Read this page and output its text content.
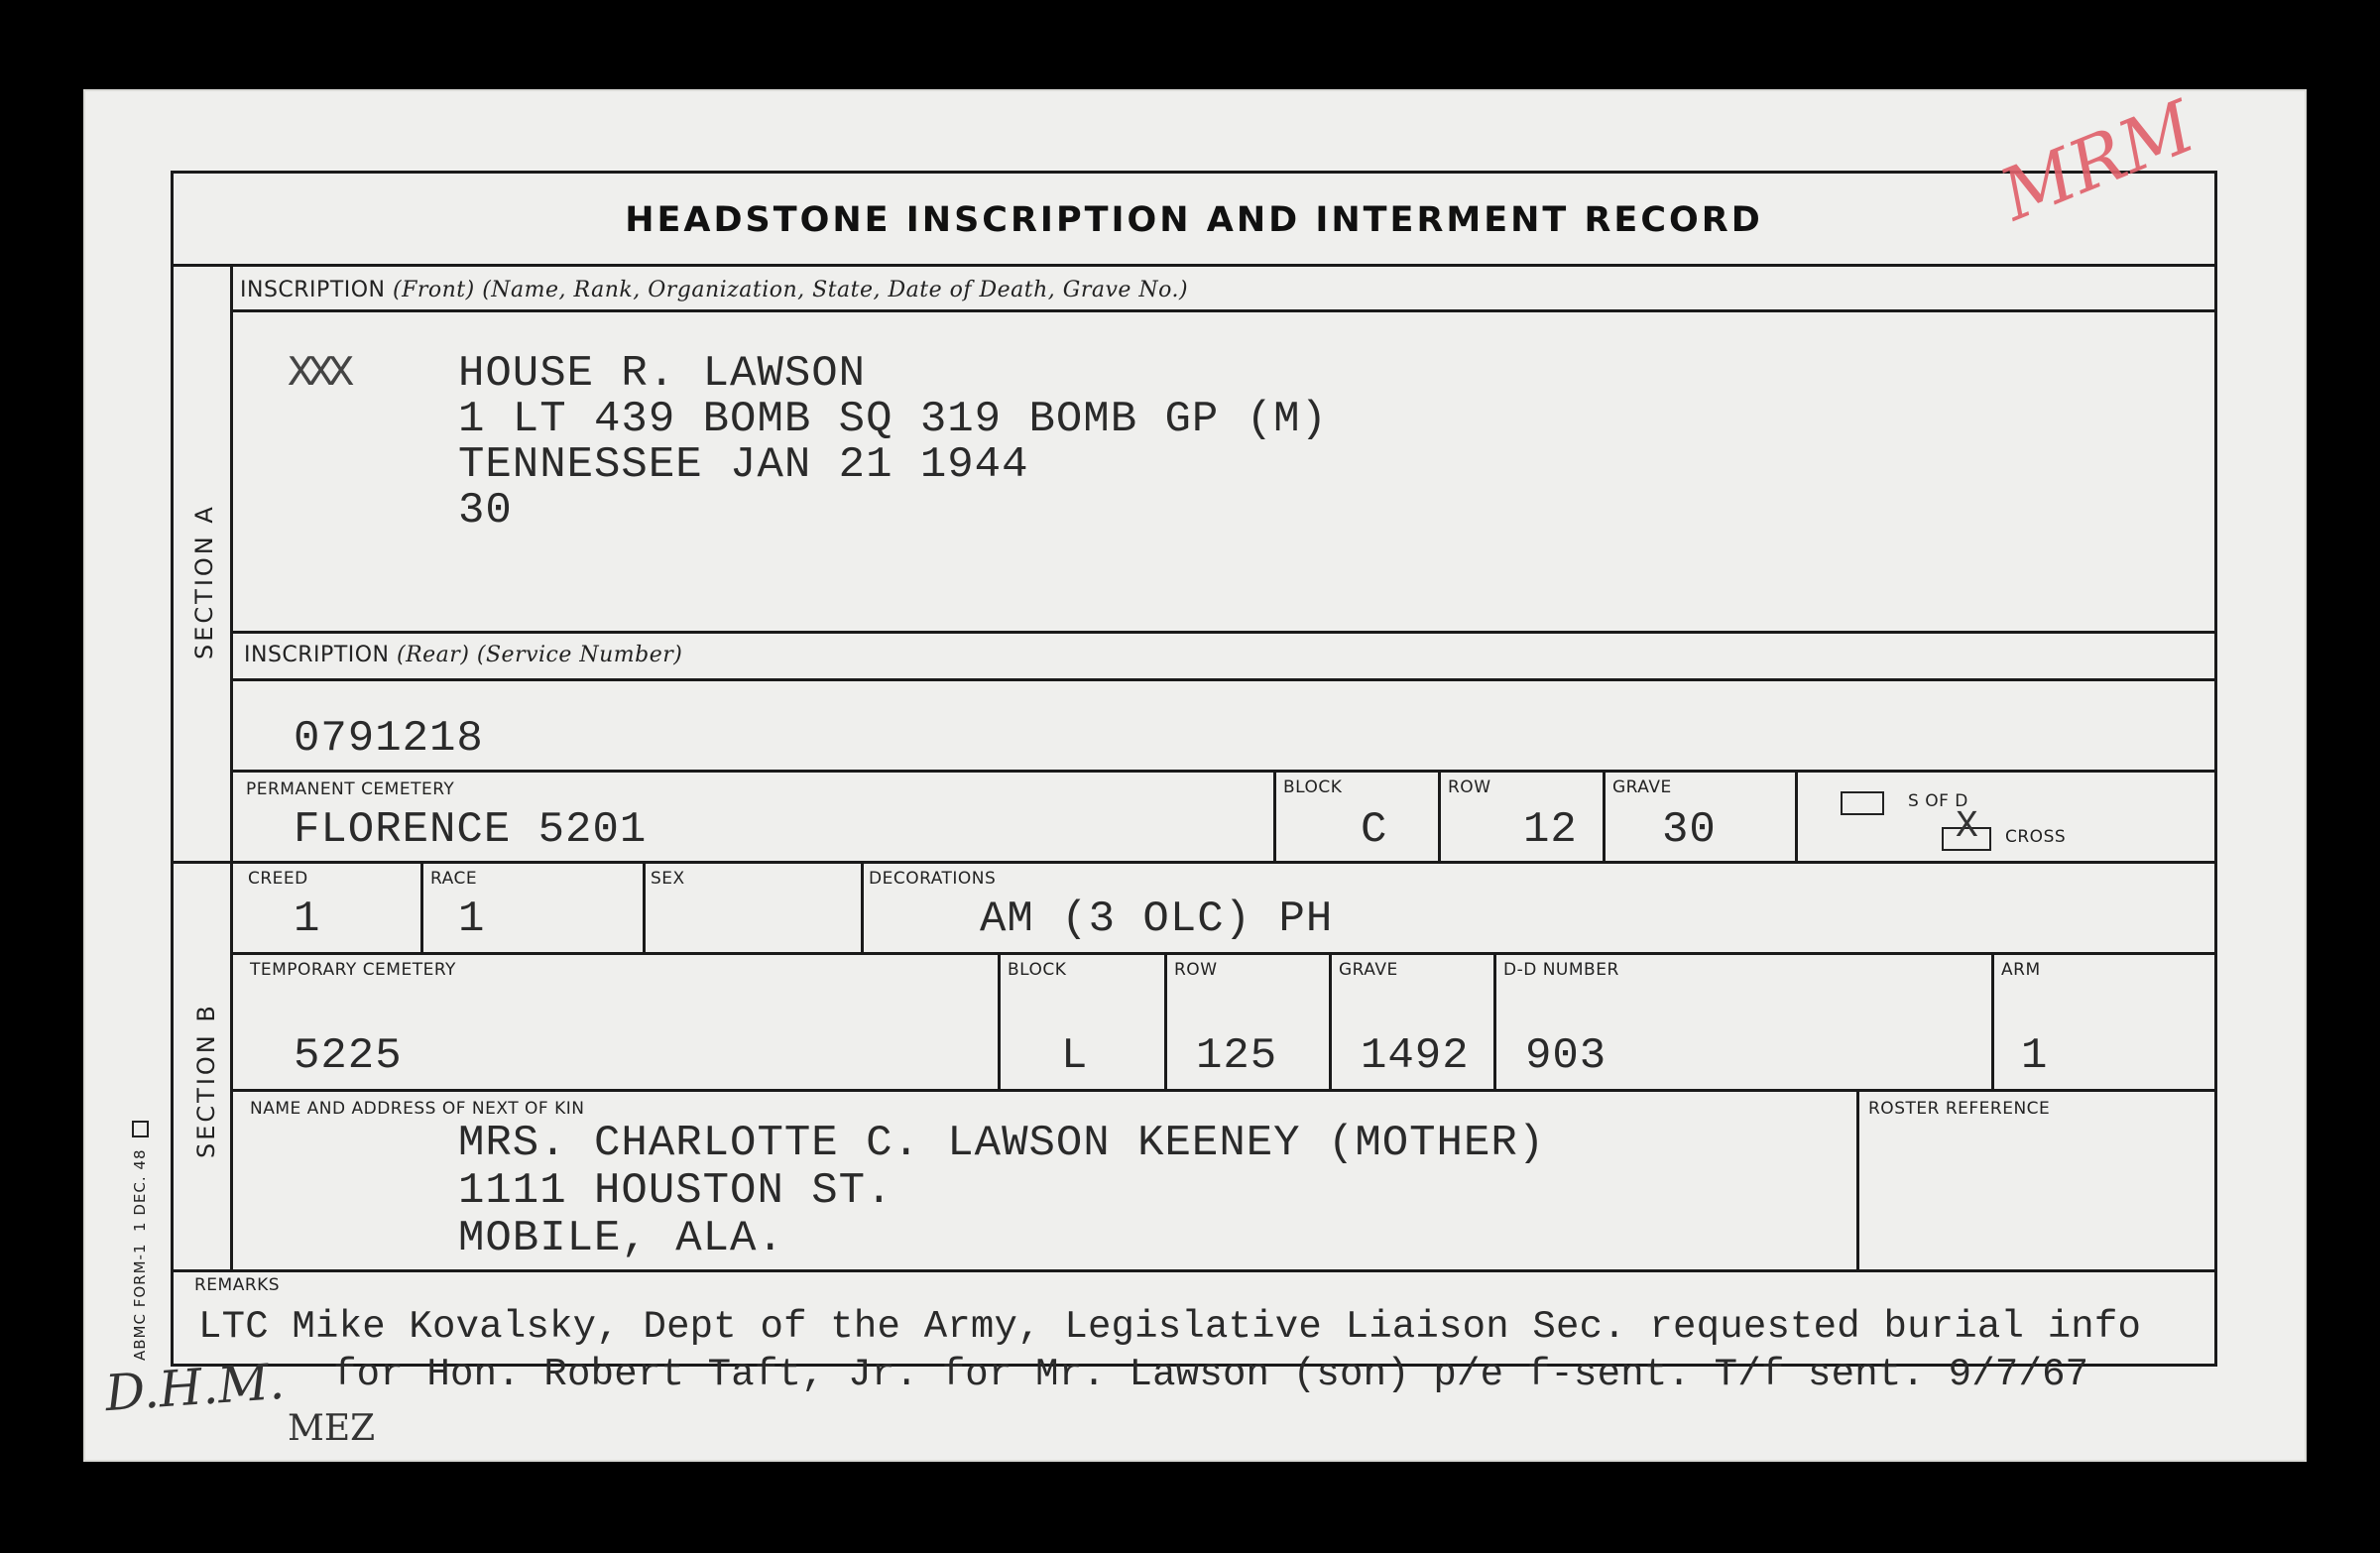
HEADSTONE INSCRIPTION AND INTERMENT RECORD
SECTION A
SECTION B
ABMC FORM-1  1 DEC. 48
INSCRIPTION (Front) (Name, Rank, Organization, State, Date of Death, Grave No.)
XXX	HOUSE R. LAWSON
1 LT 439 BOMB SQ 319 BOMB GP (M)
TENNESSEE JAN 21 1944
30
INSCRIPTION (Rear) (Service Number)
0791218
PERMANENT CEMETERY
FLORENCE 5201
BLOCK
C
ROW
12
GRAVE
30
S OF D
X CROSS
CREED
1
RACE
1
SEX	DECORATIONS
AM (3 OLC) PH
TEMPORARY CEMETERY
5225
BLOCK
L
ROW
125
GRAVE
1492
D-D NUMBER
903
ARM
1
NAME AND ADDRESS OF NEXT OF KIN
MRS. CHARLOTTE C. LAWSON KEENEY (MOTHER)
1111 HOUSTON ST.
MOBILE, ALA.
ROSTER REFERENCE
REMARKS
LTC Mike Kovalsky, Dept of the Army, Legislative Liaison Sec. requested burial info
for Hon. Robert Taft, Jr. for Mr. Lawson (son) p/e f-sent. T/f sent. 9/7/67
D.H.M.
MEZ
MRM
